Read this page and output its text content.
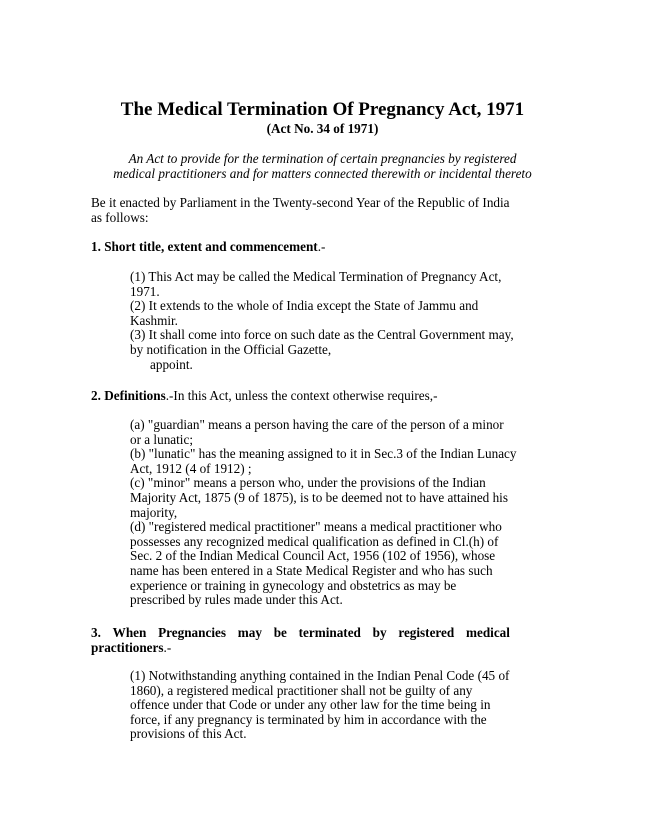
The Medical Termination Of Pregnancy Act, 1971
(Act No. 34 of 1971)
An Act to provide for the termination of certain pregnancies by registered
medical practitioners and for matters connected therewith or incidental thereto
Be it enacted by Parliament in the Twenty-second Year of the Republic of India
as follows:
1. Short title, extent and commencement.-
(1) This Act may be called the Medical Termination of Pregnancy Act,
1971.
(2) It extends to the whole of India except the State of Jammu and
Kashmir.
(3) It shall come into force on such date as the Central Government may,
by notification in the Official Gazette,
appoint.
2. Definitions.-In this Act, unless the context otherwise requires,-
(a) "guardian" means a person having the care of the person of a minor
or a lunatic;
(b) "lunatic" has the meaning assigned to it in Sec.3 of the Indian Lunacy
Act, 1912 (4 of 1912) ;
(c) "minor" means a person who, under the provisions of the Indian
Majority Act, 1875 (9 of 1875), is to be deemed not to have attained his
majority,
(d) "registered medical practitioner" means a medical practitioner who
possesses any recognized medical qualification as defined in Cl.(h) of
Sec. 2 of the Indian Medical Council Act, 1956 (102 of 1956), whose
name has been entered in a State Medical Register and who has such
experience or training in gynecology and obstetrics as may be
prescribed by rules made under this Act.
3. When Pregnancies may be terminated by registered medical
practitioners.-
(1) Notwithstanding anything contained in the Indian Penal Code (45 of
1860), a registered medical practitioner shall not be guilty of any
offence under that Code or under any other law for the time being in
force, if any pregnancy is terminated by him in accordance with the
provisions of this Act.
